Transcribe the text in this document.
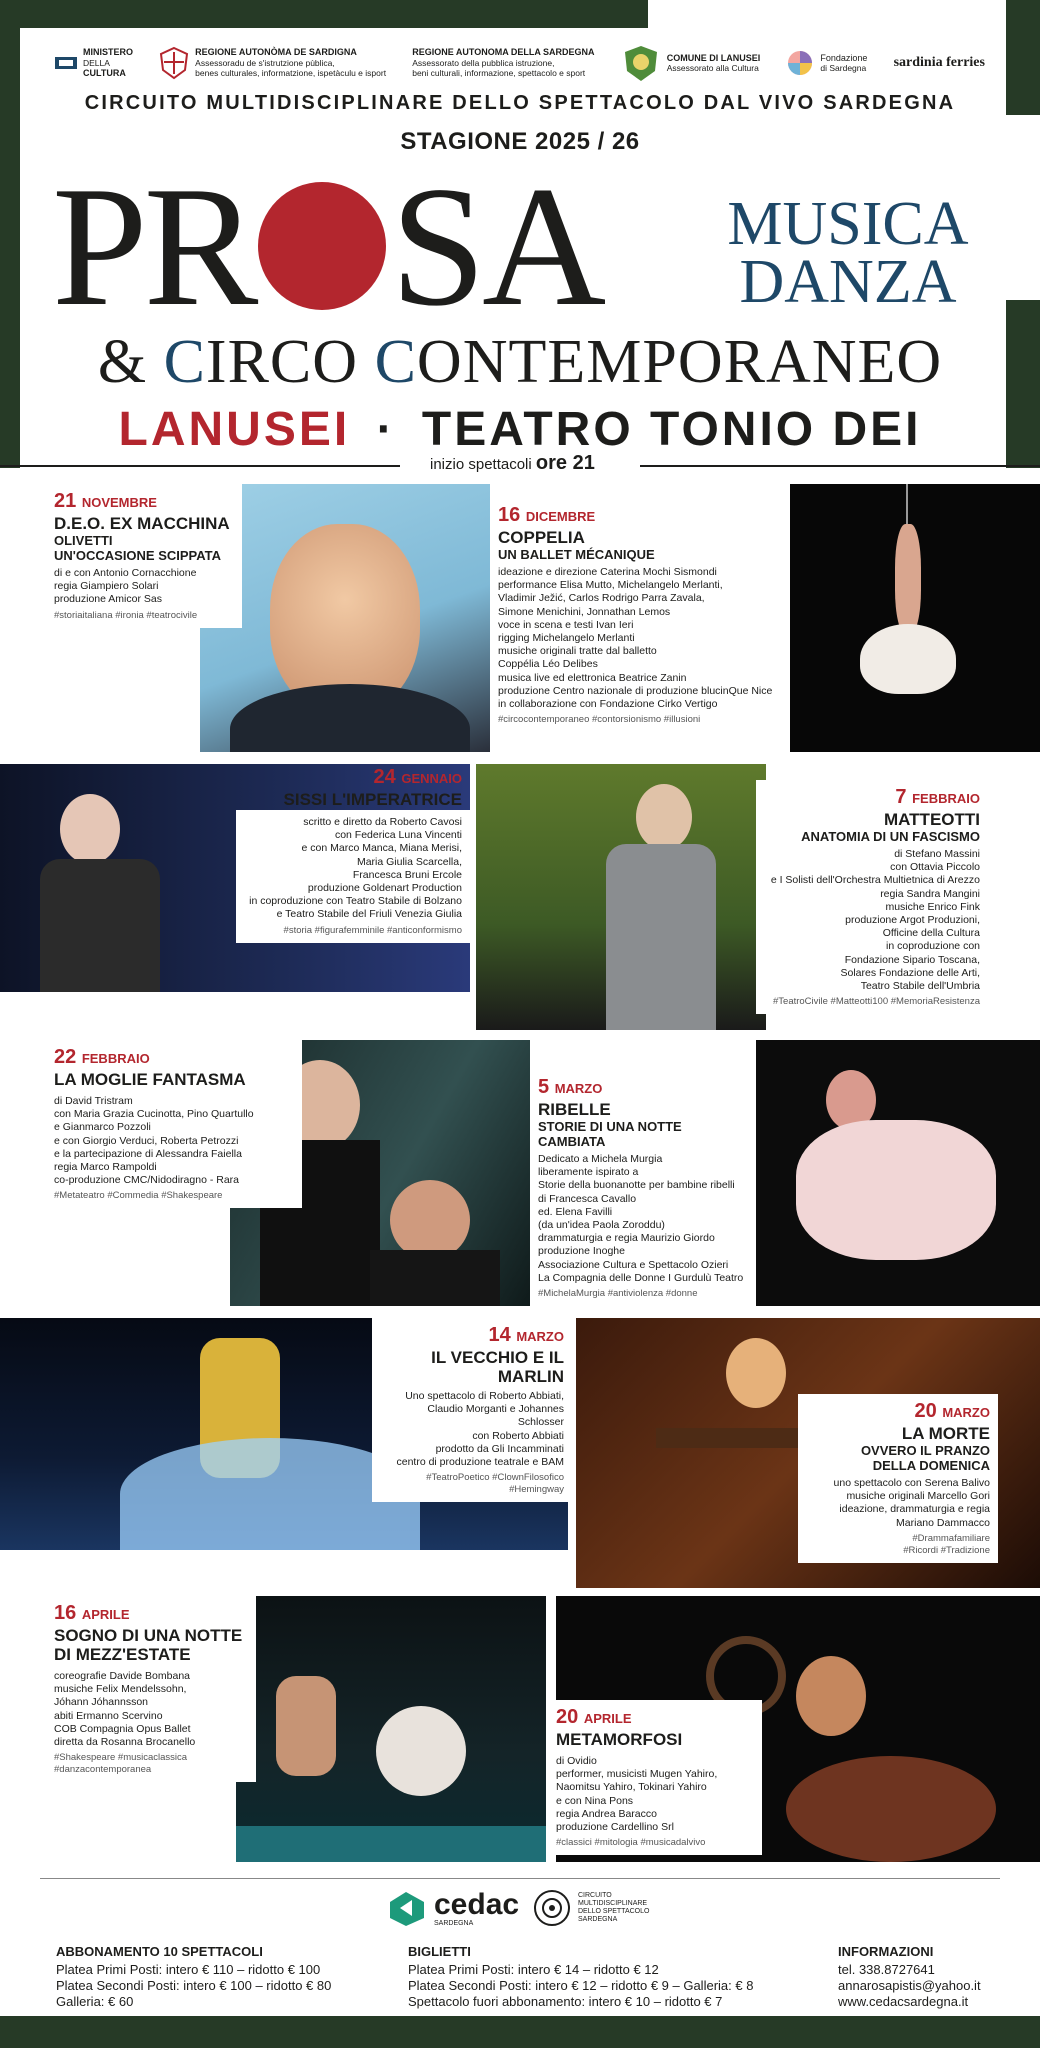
MINISTERO
DELLA

CULTURA
REGIONE AUTONÒMA DE SARDIGNA
Assessoradu de s'istrutzione pùblica,
benes culturales, informatzione, ispetàculu e isport
REGIONE AUTONOMA DELLA SARDEGNA
Assessorato della pubblica istruzione,
beni culturali, informazione, spettacolo e sport
COMUNE DI LANUSEI
Assessorato alla Cultura
Fondazione
di Sardegna sardinia ferries
CIRCUITO MULTIDISCIPLINARE DELLO SPETTACOLO DAL VIVO SARDEGNA
STAGIONE 2025 / 26
PR SA	MUSICA
DANZA
& CIRCO CONTEMPORANEO
LANUSEI · TEATRO TONIO DEI
inizio spettacoli ore 21
21 NOVEMBRE
D.E.O. EX MACCHINA
OLIVETTI
UN'OCCASIONE SCIPPATA
di e con Antonio Cornacchione
regia Giampiero Solari
produzione Amicor Sas
#storiaitaliana #ironia #teatrocivile
16 DICEMBRE
COPPELIA
UN BALLET MÉCANIQUE
ideazione e direzione Caterina Mochi Sismondi
performance Elisa Mutto, Michelangelo Merlanti,
Vladimir Ježić, Carlos Rodrigo Parra Zavala,
Simone Menichini, Jonnathan Lemos
voce in scena e testi Ivan Ieri
rigging Michelangelo Merlanti
musiche originali tratte dal balletto
Coppélia Léo Delibes
musica live ed elettronica Beatrice Zanin
produzione Centro nazionale di produzione blucinQue Nice
in collaborazione con Fondazione Cirko Vertigo
#circocontemporaneo #contorsionismo #illusioni
24 GENNAIO
SISSI L'IMPERATRICE
scritto e diretto da Roberto Cavosi
con Federica Luna Vincenti
e con Marco Manca, Miana Merisi,
Maria Giulia Scarcella,
Francesca Bruni Ercole
produzione Goldenart Production
in coproduzione con Teatro Stabile di Bolzano
e Teatro Stabile del Friuli Venezia Giulia
#storia #figurafemminile #anticonformismo
7 FEBBRAIO
MATTEOTTI
ANATOMIA DI UN FASCISMO
di Stefano Massini
con Ottavia Piccolo
e I Solisti dell'Orchestra Multietnica di Arezzo
regia Sandra Mangini
musiche Enrico Fink
produzione Argot Produzioni,
Officine della Cultura
in coproduzione con
Fondazione Sipario Toscana,
Solares Fondazione delle Arti,
Teatro Stabile dell'Umbria
#TeatroCivile #Matteotti100 #MemoriaResistenza
22 FEBBRAIO
LA MOGLIE FANTASMA
di David Tristram
con Maria Grazia Cucinotta, Pino Quartullo
e Gianmarco Pozzoli
e con Giorgio Verduci, Roberta Petrozzi
e la partecipazione di Alessandra Faiella
regia Marco Rampoldi
co-produzione CMC/Nidodiragno - Rara
#Metateatro #Commedia #Shakespeare
5 MARZO
RIBELLE
STORIE DI UNA NOTTE CAMBIATA
Dedicato a Michela Murgia
liberamente ispirato a
Storie della buonanotte per bambine ribelli
di Francesca Cavallo
ed. Elena Favilli
(da un'idea Paola Zoroddu)
drammaturgia e regia Maurizio Giordo
produzione Inoghe
Associazione Cultura e Spettacolo Ozieri
La Compagnia delle Donne I Gurdulù Teatro
#MichelaMurgia #antiviolenza #donne
14 MARZO
IL VECCHIO E IL MARLIN
Uno spettacolo di Roberto Abbiati,
Claudio Morganti e Johannes Schlosser
con Roberto Abbiati
prodotto da Gli Incamminati
centro di produzione teatrale e BAM
#TeatroPoetico #ClownFilosofico #Hemingway
20 MARZO
LA MORTE
OVVERO IL PRANZO
DELLA DOMENICA
uno spettacolo con Serena Balivo
musiche originali Marcello Gori
ideazione, drammaturgia e regia
Mariano Dammacco
#Drammafamiliare
#Ricordi #Tradizione
16 APRILE
SOGNO DI UNA NOTTE
DI MEZZ'ESTATE
coreografie Davide Bombana
musiche Felix Mendelssohn,
Jóhann Jóhannsson
abiti Ermanno Scervino
COB Compagnia Opus Ballet
diretta da Rosanna Brocanello
#Shakespeare #musicaclassica
#danzacontemporanea
20 APRILE
METAMORFOSI
di Ovidio
performer, musicisti Mugen Yahiro,
Naomitsu Yahiro, Tokinari Yahiro
e con Nina Pons
regia Andrea Baracco
produzione Cardellino Srl
#classici #mitologia #musicadalvivo
cedac
SARDEGNA
CIRCUITO
MULTIDISCIPLINARE
DELLO SPETTACOLO
SARDEGNA
ABBONAMENTO 10 SPETTACOLI
Platea Primi Posti: intero € 110 – ridotto € 100
Platea Secondi Posti: intero € 100 – ridotto € 80
Galleria: € 60
BIGLIETTI
Platea Primi Posti: intero € 14 – ridotto € 12
Platea Secondi Posti: intero € 12 – ridotto € 9 – Galleria: € 8
Spettacolo fuori abbonamento: intero € 10 – ridotto € 7
INFORMAZIONI
tel. 338.8727641
annarosapistis@yahoo.it
www.cedacsardegna.it
